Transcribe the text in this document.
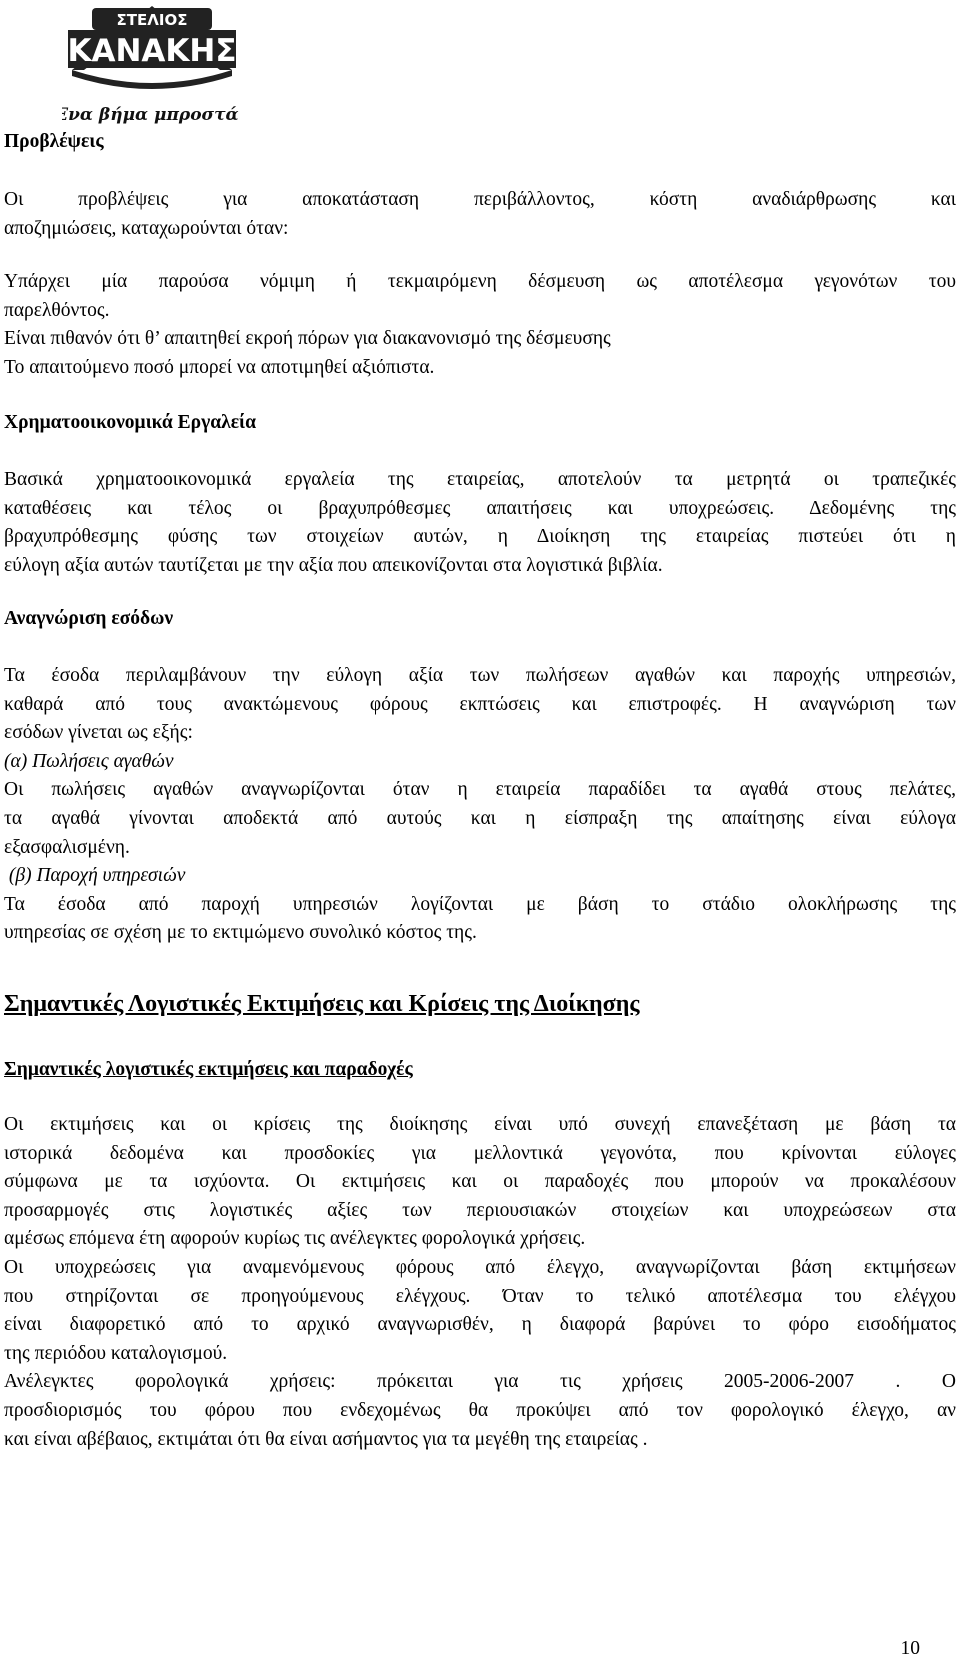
ΣΤΕΛΙΟΣ
ΚΑΝΑΚΗΣ
Ένα βήμα μπροστά !
Προβλέψεις
Οι προβλέψεις για αποκατάσταση περιβάλλοντος, κόστη αναδιάρθρωσης και
αποζημιώσεις, καταχωρούνται όταν:
Υπάρχει μία παρούσα νόμιμη ή τεκμαιρόμενη δέσμευση ως αποτέλεσμα γεγονότων του
παρελθόντος.
Είναι πιθανόν ότι θ’ απαιτηθεί εκροή πόρων για διακανονισμό της δέσμευσης
Το απαιτούμενο ποσό μπορεί να αποτιμηθεί αξιόπιστα.
Χρηματοοικονομικά Εργαλεία
Βασικά χρηματοοικονομικά εργαλεία της εταιρείας, αποτελούν τα μετρητά οι τραπεζικές
καταθέσεις και τέλος οι βραχυπρόθεσμες απαιτήσεις και υποχρεώσεις. Δεδομένης της
βραχυπρόθεσμης φύσης των στοιχείων αυτών, η Διοίκηση της εταιρείας πιστεύει ότι η
εύλογη αξία αυτών ταυτίζεται με την αξία που απεικονίζονται στα λογιστικά βιβλία.
Αναγνώριση εσόδων
Τα έσοδα περιλαμβάνουν την εύλογη αξία των πωλήσεων αγαθών και παροχής υπηρεσιών,
καθαρά από τους ανακτώμενους φόρους εκπτώσεις και επιστροφές. Η αναγνώριση των
εσόδων γίνεται ως εξής:
(α) Πωλήσεις αγαθών
Οι πωλήσεις αγαθών αναγνωρίζονται όταν η εταιρεία παραδίδει τα αγαθά στους πελάτες,
τα αγαθά γίνονται αποδεκτά από αυτούς και η είσπραξη της απαίτησης είναι εύλογα
εξασφαλισμένη.
(β) Παροχή υπηρεσιών
Τα έσοδα από παροχή υπηρεσιών λογίζονται με βάση το στάδιο ολοκλήρωσης της
υπηρεσίας σε σχέση με το εκτιμώμενο συνολικό κόστος της.
Σημαντικές Λογιστικές Εκτιμήσεις και Κρίσεις της Διοίκησης
Σημαντικές λογιστικές εκτιμήσεις και παραδοχές
Οι εκτιμήσεις και οι κρίσεις της διοίκησης είναι υπό συνεχή επανεξέταση με βάση τα
ιστορικά δεδομένα και προσδοκίες για μελλοντικά γεγονότα, που κρίνονται εύλογες
σύμφωνα με τα ισχύοντα. Οι εκτιμήσεις και οι παραδοχές που μπορούν να προκαλέσουν
προσαρμογές στις λογιστικές αξίες των περιουσιακών στοιχείων και υποχρεώσεων στα
αμέσως επόμενα έτη αφορούν κυρίως τις ανέλεγκτες φορολογικά χρήσεις.
Οι υποχρεώσεις για αναμενόμενους φόρους από έλεγχο, αναγνωρίζονται βάση εκτιμήσεων
που στηρίζονται σε προηγούμενους ελέγχους. Όταν το τελικό αποτέλεσμα του ελέγχου
είναι διαφορετικό από το αρχικό αναγνωρισθέν, η διαφορά βαρύνει το φόρο εισοδήματος
της περιόδου καταλογισμού.
Ανέλεγκτες φορολογικά χρήσεις: πρόκειται για τις χρήσεις 2005-2006-2007 . Ο
προσδιορισμός του φόρου που ενδεχομένως θα προκύψει από τον φορολογικό έλεγχο, αν
και είναι αβέβαιος, εκτιμάται ότι θα είναι ασήμαντος για τα μεγέθη της εταιρείας .
10
